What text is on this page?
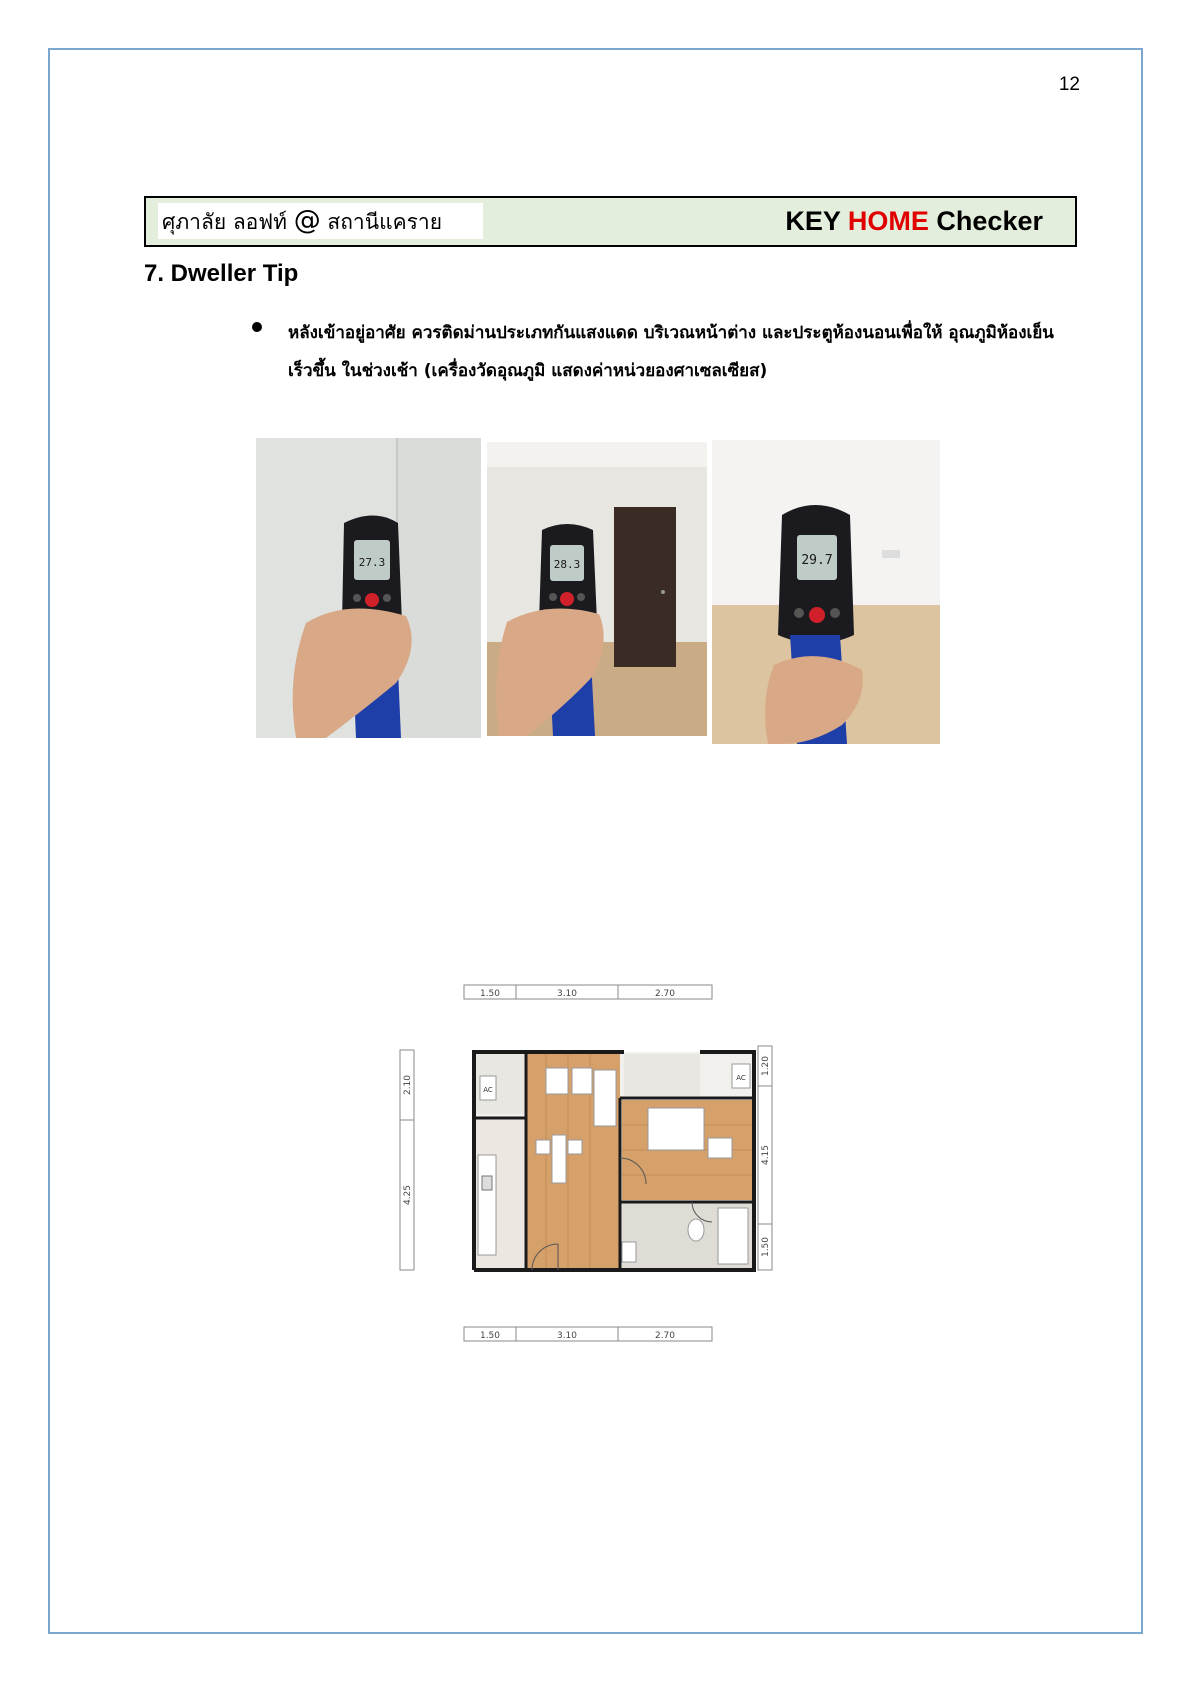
12
ศุภาลัย ลอฟท์ @ สถานีแคราย	KEY HOME Checker
7. Dweller Tip
หลังเข้าอยู่อาศัย ควรติดม่านประเภทกันแสงแดด บริเวณหน้าต่าง และประตูห้องนอนเพื่อให้ อุณภูมิห้องเย็น เร็วขึ้น ในช่วงเช้า (เครื่องวัดอุณภูมิ แสดงค่าหน่วยองศาเซลเซียส)
27.3	28.3	29.7
1.50	3.10	2.70
1.50	3.10	2.70
2.10
4.25
1.20
4.15
1.50
AC
AC
